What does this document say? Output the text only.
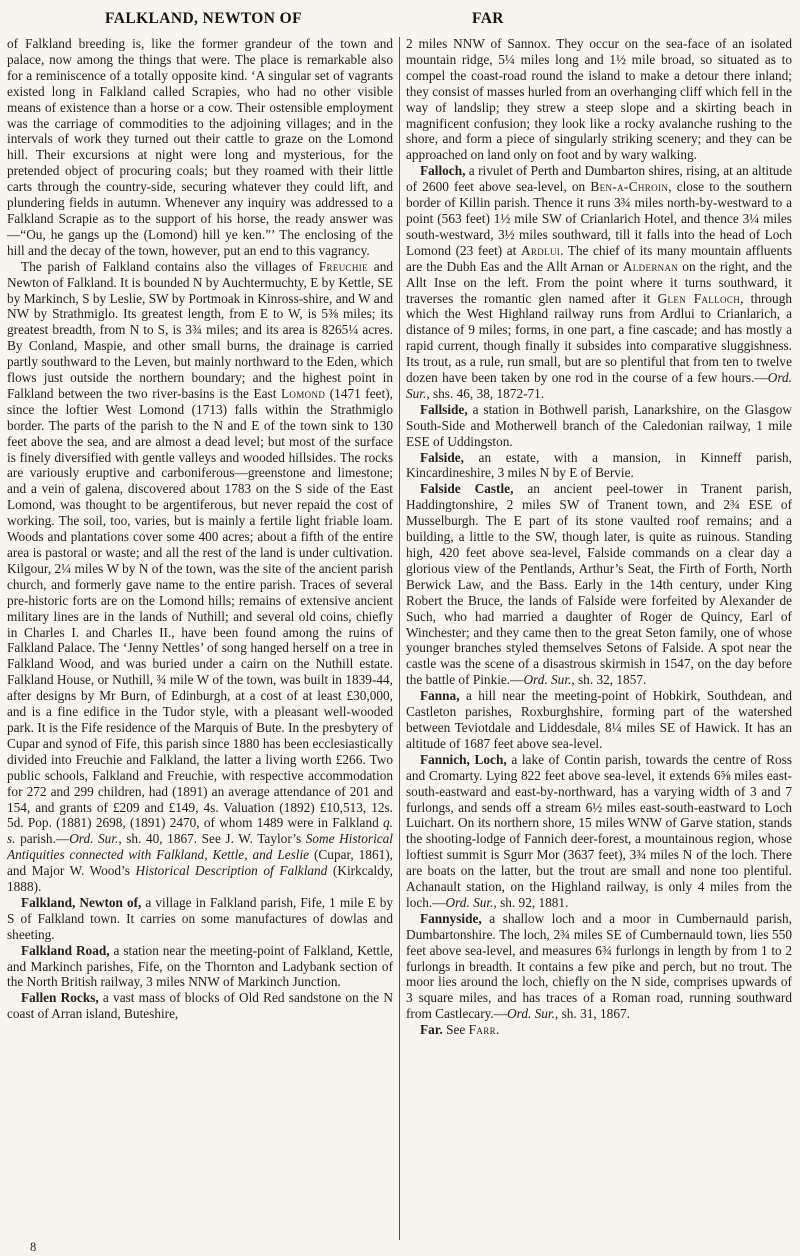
FALKLAND, NEWTON OF	FAR

of Falkland breeding is, like the former grandeur of the town and palace, now among the things that were. The place is remarkable also for a reminiscence of a totally opposite kind. ‘A singular set of vagrants existed long in Falkland called Scrapies, who had no other visible means of existence than a horse or a cow. Their ostensible employment was the carriage of commodities to the adjoining villages; and in the intervals of work they turned out their cattle to graze on the Lomond hill. Their excursions at night were long and mysterious, for the pretended object of procuring coals; but they roamed with their little carts through the country-side, securing whatever they could lift, and plundering fields in autumn. Whenever any inquiry was addressed to a Falkland Scrapie as to the support of his horse, the ready answer was—“Ou, he gangs up the (Lomond) hill ye ken.”’ The enclosing of the hill and the decay of the town, however, put an end to this vagrancy.

The parish of Falkland contains also the villages of Freuchie and Newton of Falkland. It is bounded N by Auchtermuchty, E by Kettle, SE by Markinch, S by Leslie, SW by Portmoak in Kinross-shire, and W and NW by Strathmiglo. Its greatest length, from E to W, is 5⅜ miles; its greatest breadth, from N to S, is 3¾ miles; and its area is 8265¼ acres. By Conland, Maspie, and other small burns, the drainage is carried partly southward to the Leven, but mainly northward to the Eden, which flows just outside the northern boundary; and the highest point in Falkland between the two river-basins is the East Lomond (1471 feet), since the loftier West Lomond (1713) falls within the Strathmiglo border. The parts of the parish to the N and E of the town sink to 130 feet above the sea, and are almost a dead level; but most of the surface is finely diversified with gentle valleys and wooded hillsides. The rocks are variously eruptive and carboniferous—greenstone and limestone; and a vein of galena, discovered about 1783 on the S side of the East Lomond, was thought to be argentiferous, but never repaid the cost of working. The soil, too, varies, but is mainly a fertile light friable loam. Woods and plantations cover some 400 acres; about a fifth of the entire area is pastoral or waste; and all the rest of the land is under cultivation. Kilgour, 2¼ miles W by N of the town, was the site of the ancient parish church, and formerly gave name to the entire parish. Traces of several pre-historic forts are on the Lomond hills; remains of extensive ancient military lines are in the lands of Nuthill; and several old coins, chiefly in Charles I. and Charles II., have been found among the ruins of Falkland Palace. The ‘Jenny Nettles’ of song hanged herself on a tree in Falkland Wood, and was buried under a cairn on the Nuthill estate. Falkland House, or Nuthill, ¾ mile W of the town, was built in 1839-44, after designs by Mr Burn, of Edinburgh, at a cost of at least £30,000, and is a fine edifice in the Tudor style, with a pleasant well-wooded park. It is the Fife residence of the Marquis of Bute. In the presbytery of Cupar and synod of Fife, this parish since 1880 has been ecclesiastically divided into Freuchie and Falkland, the latter a living worth £266. Two public schools, Falkland and Freuchie, with respective accommodation for 272 and 299 children, had (1891) an average attendance of 201 and 154, and grants of £209 and £149, 4s. Valuation (1892) £10,513, 12s. 5d. Pop. (1881) 2698, (1891) 2470, of whom 1489 were in Falkland q. s. parish.—Ord. Sur., sh. 40, 1867. See J. W. Taylor’s Some Historical Antiquities connected with Falkland, Kettle, and Leslie (Cupar, 1861), and Major W. Wood’s Historical Description of Falkland (Kirkcaldy, 1888).

Falkland, Newton of, a village in Falkland parish, Fife, 1 mile E by S of Falkland town. It carries on some manufactures of dowlas and sheeting.

Falkland Road, a station near the meeting-point of Falkland, Kettle, and Markinch parishes, Fife, on the Thornton and Ladybank section of the North British railway, 3 miles NNW of Markinch Junction.

Fallen Rocks, a vast mass of blocks of Old Red sandstone on the N coast of Arran island, Buteshire,

2 miles NNW of Sannox. They occur on the sea-face of an isolated mountain ridge, 5¼ miles long and 1½ mile broad, so situated as to compel the coast-road round the island to make a detour there inland; they consist of masses hurled from an overhanging cliff which fell in the way of landslip; they strew a steep slope and a skirting beach in magnificent confusion; they look like a rocky avalanche rushing to the shore, and form a piece of singularly striking scenery; and they can be approached on land only on foot and by wary walking.

Falloch, a rivulet of Perth and Dumbarton shires, rising, at an altitude of 2600 feet above sea-level, on Ben-a-Chroin, close to the southern border of Killin parish. Thence it runs 3¾ miles north-by-westward to a point (563 feet) 1½ mile SW of Crianlarich Hotel, and thence 3¼ miles south-westward, 3½ miles southward, till it falls into the head of Loch Lomond (23 feet) at Ardlui. The chief of its many mountain affluents are the Dubh Eas and the Allt Arnan or Aldernan on the right, and the Allt Inse on the left. From the point where it turns southward, it traverses the romantic glen named after it Glen Falloch, through which the West Highland railway runs from Ardlui to Crianlarich, a distance of 9 miles; forms, in one part, a fine cascade; and has mostly a rapid current, though finally it subsides into comparative sluggishness. Its trout, as a rule, run small, but are so plentiful that from ten to twelve dozen have been taken by one rod in the course of a few hours.—Ord. Sur., shs. 46, 38, 1872-71.

Fallside, a station in Bothwell parish, Lanarkshire, on the Glasgow South-Side and Motherwell branch of the Caledonian railway, 1 mile ESE of Uddingston.

Falside, an estate, with a mansion, in Kinneff parish, Kincardineshire, 3 miles N by E of Bervie.

Falside Castle, an ancient peel-tower in Tranent parish, Haddingtonshire, 2 miles SW of Tranent town, and 2¾ ESE of Musselburgh. The E part of its stone vaulted roof remains; and a building, a little to the SW, though later, is quite as ruinous. Standing high, 420 feet above sea-level, Falside commands on a clear day a glorious view of the Pentlands, Arthur’s Seat, the Firth of Forth, North Berwick Law, and the Bass. Early in the 14th century, under King Robert the Bruce, the lands of Falside were forfeited by Alexander de Such, who had married a daughter of Roger de Quincy, Earl of Winchester; and they came then to the great Seton family, one of whose younger branches styled themselves Setons of Falside. A spot near the castle was the scene of a disastrous skirmish in 1547, on the day before the battle of Pinkie.—Ord. Sur., sh. 32, 1857.

Fanna, a hill near the meeting-point of Hobkirk, Southdean, and Castleton parishes, Roxburghshire, forming part of the watershed between Teviotdale and Liddesdale, 8¼ miles SE of Hawick. It has an altitude of 1687 feet above sea-level.

Fannich, Loch, a lake of Contin parish, towards the centre of Ross and Cromarty. Lying 822 feet above sea-level, it extends 6⅝ miles east-south-eastward and east-by-northward, has a varying width of 3 and 7 furlongs, and sends off a stream 6½ miles east-south-eastward to Loch Luichart. On its northern shore, 15 miles WNW of Garve station, stands the shooting-lodge of Fannich deer-forest, a mountainous region, whose loftiest summit is Sgurr Mor (3637 feet), 3¾ miles N of the loch. There are boats on the latter, but the trout are small and none too plentiful. Achanault station, on the Highland railway, is only 4 miles from the loch.—Ord. Sur., sh. 92, 1881.

Fannyside, a shallow loch and a moor in Cumbernauld parish, Dumbartonshire. The loch, 2¾ miles SE of Cumbernauld town, lies 550 feet above sea-level, and measures 6¾ furlongs in length by from 1 to 2 furlongs in breadth. It contains a few pike and perch, but no trout. The moor lies around the loch, chiefly on the N side, comprises upwards of 3 square miles, and has traces of a Roman road, running southward from Castlecary.—Ord. Sur., sh. 31, 1867.

Far. See Farr.

8
